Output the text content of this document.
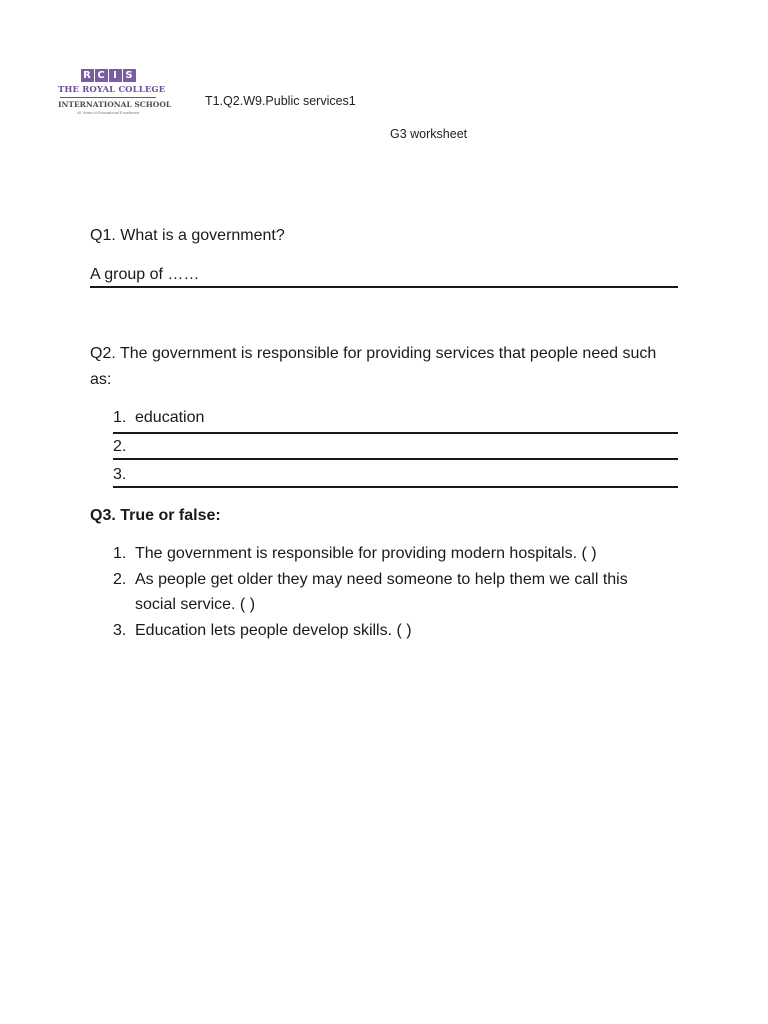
R C I S
THE ROYAL COLLEGE
INTERNATIONAL SCHOOL
40 Years of Educational Excellence
T1.Q2.W9.Public services1
G3 worksheet
Q1. What is a government?
A group of ……
Q2. The government is responsible for providing services that people need such
as:
1. education
2.
3.
Q3. True or false:
1. The government is responsible for providing modern hospitals. ( )
2. As people get older they may need someone to help them we call this
social service. ( )
3. Education lets people develop skills. ( )
